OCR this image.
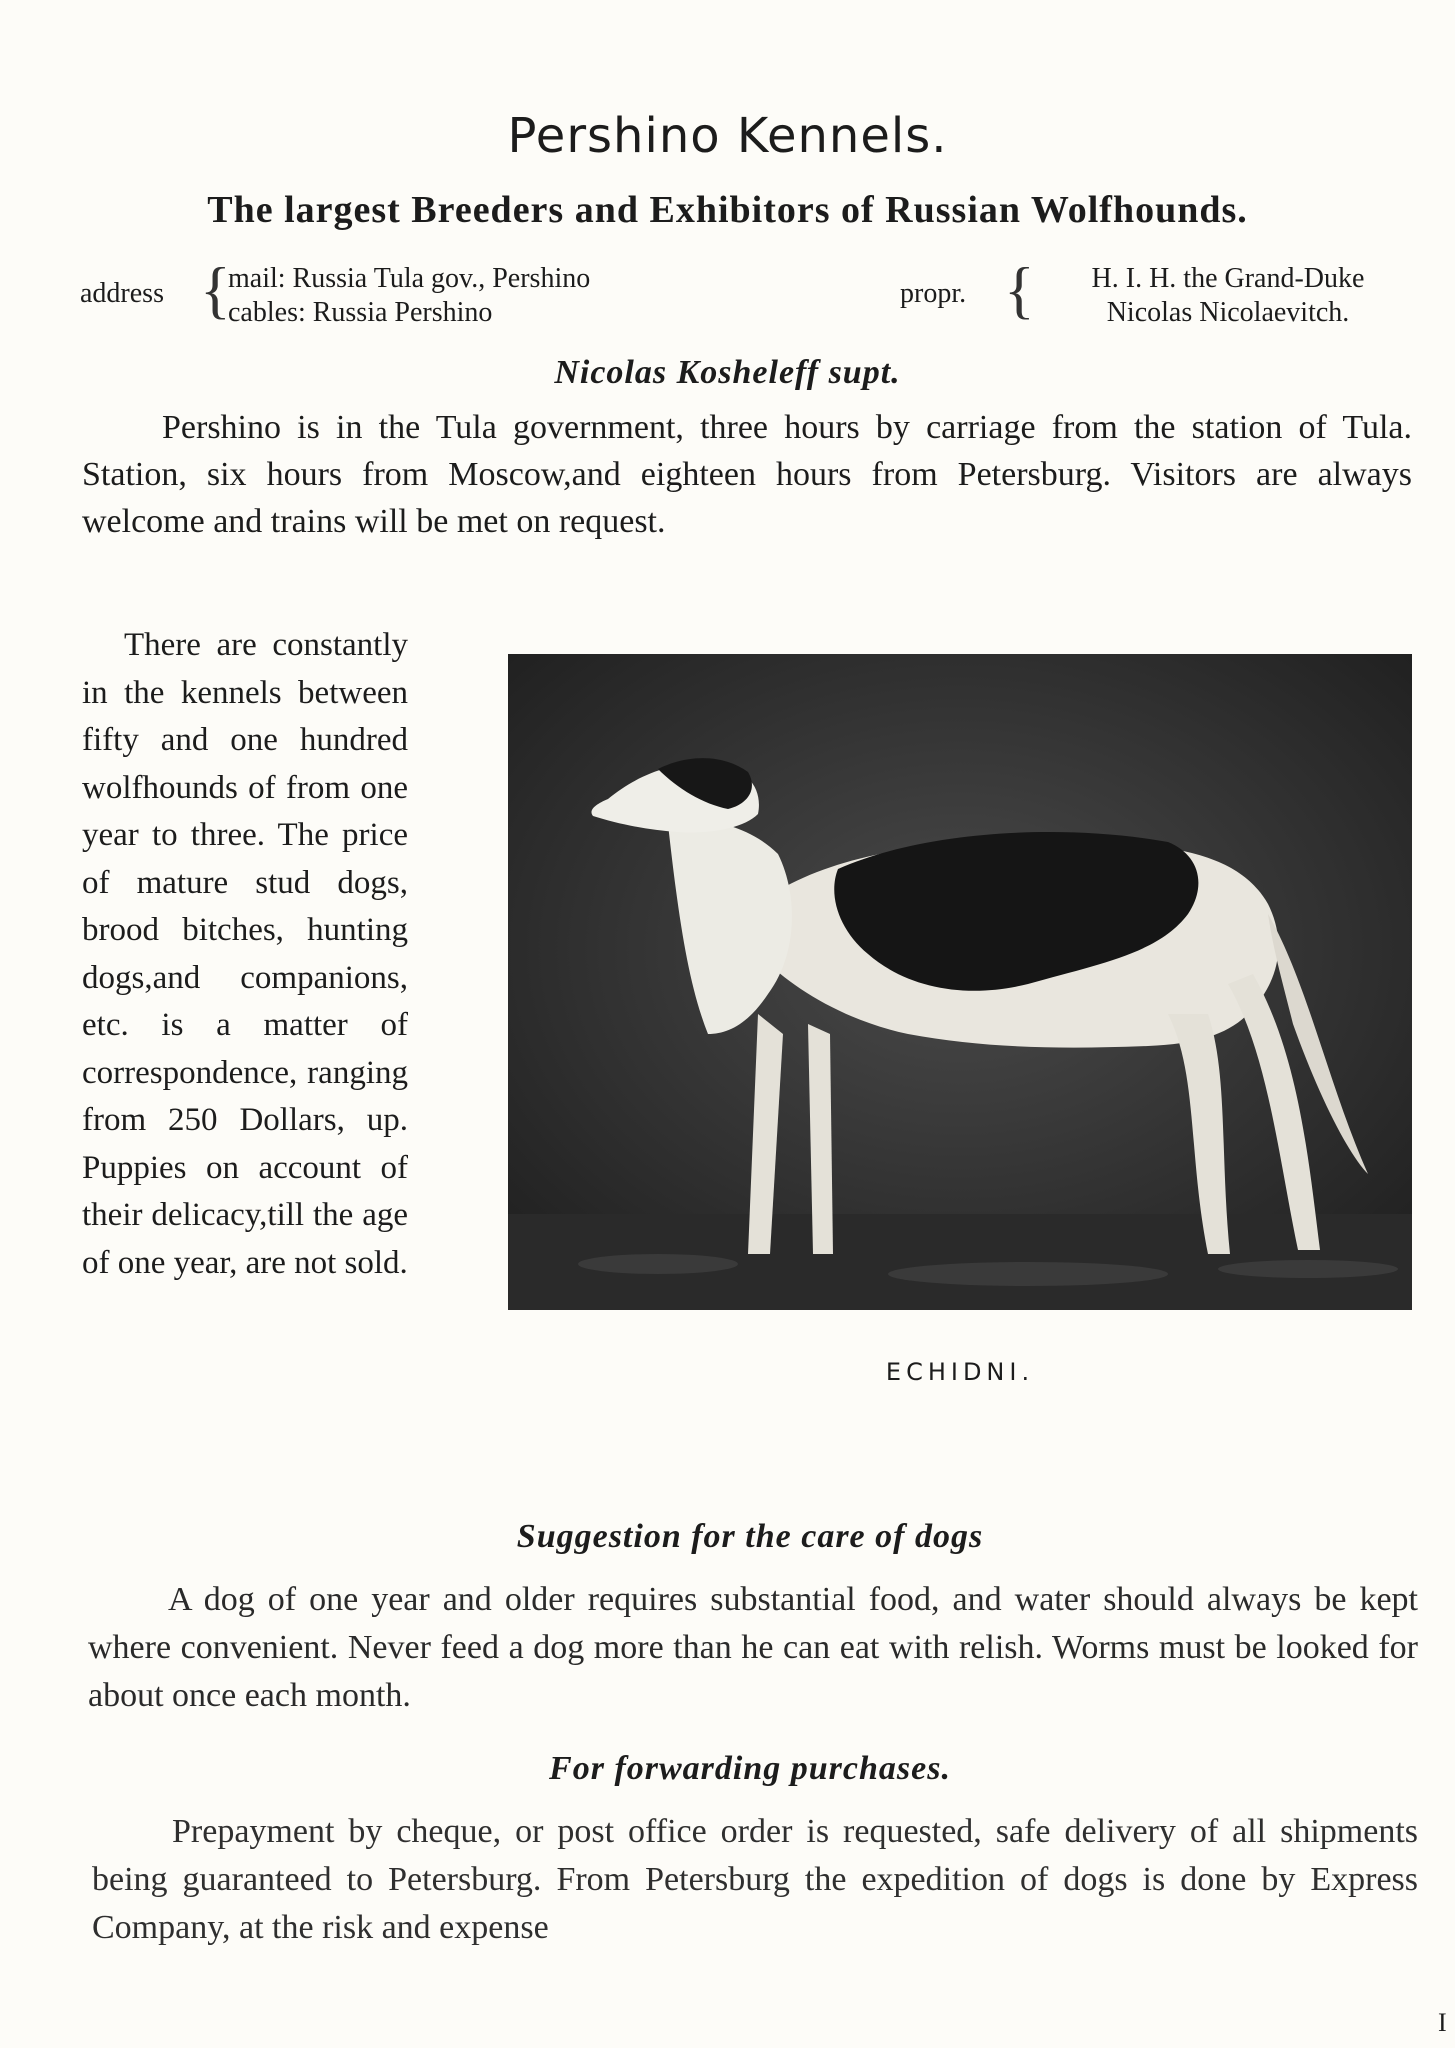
Pershino Kennels.
The largest Breeders and Exhibitors of Russian Wolfhounds.
address {
mail: Russia Tula gov., Pershino
cables: Russia Pershino
propr. {	H. I. H. the Grand-Duke
Nicolas Nicolaevitch.
Nicolas Kosheleff supt.

Pershino is in the Tula government, three hours by carriage from the station of Tula. Station, six hours from Moscow,and eighteen hours from Petersburg. Visitors are always welcome and trains will be met on request.

There are constantly in the kennels between fifty and one hundred wolfhounds of from one year to three. The price of mature stud dogs, brood bitches, hunting dogs,and companions, etc. is a matter of correspondence, ranging from 250 Dollars, up. Puppies on account of their delicacy,till the age of one year, are not sold.

ECHIDNI.
Suggestion for the care of dogs

A dog of one year and older requires substantial food, and water should always be kept where convenient. Never feed a dog more than he can eat with relish. Worms must be looked for about once each month.

For forwarding purchases.

Prepayment by cheque, or post office order is requested, safe delivery of all shipments being guaranteed to Petersburg. From Petersburg the expedition of dogs is done by Express Company, at the risk and expense

I
